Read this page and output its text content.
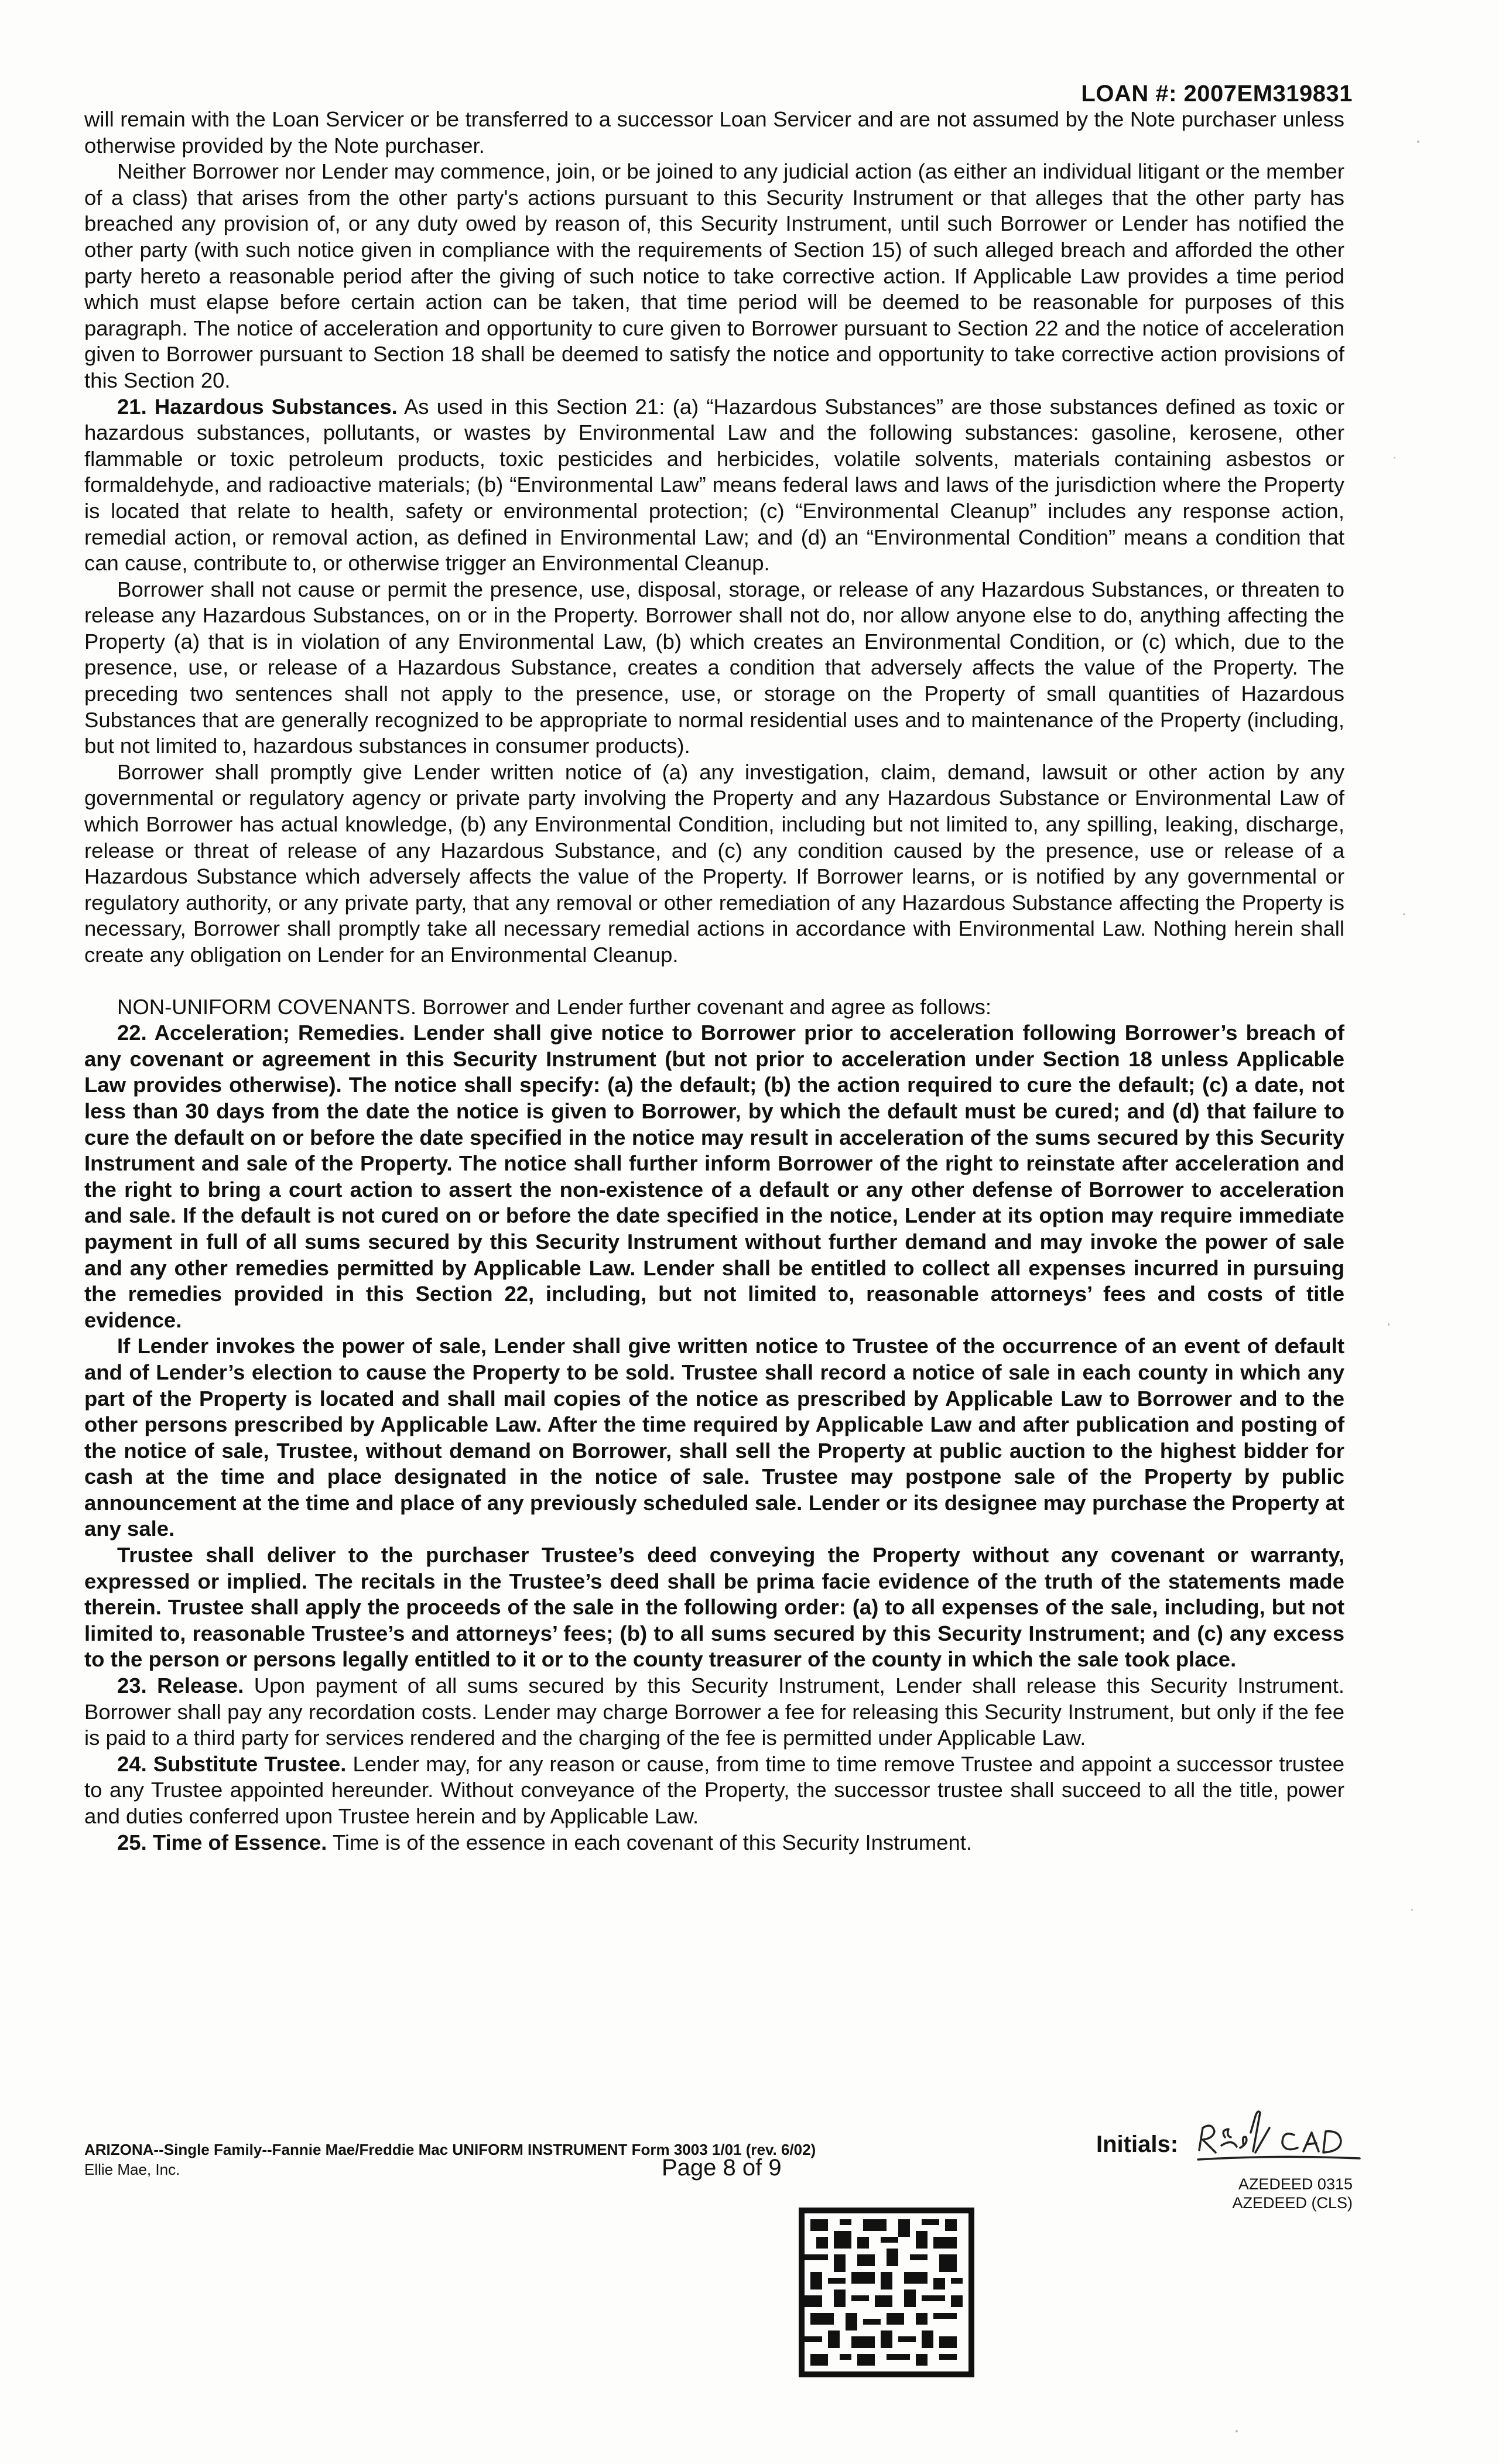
LOAN #: 2007EM319831

will remain with the Loan Servicer or be transferred to a successor Loan Servicer and are not assumed by the Note purchaser unless otherwise provided by the Note purchaser.

Neither Borrower nor Lender may commence, join, or be joined to any judicial action (as either an individual litigant or the member of a class) that arises from the other party's actions pursuant to this Security Instrument or that alleges that the other party has breached any provision of, or any duty owed by reason of, this Security Instrument, until such Borrower or Lender has notified the other party (with such notice given in compliance with the requirements of Section 15) of such alleged breach and afforded the other party hereto a reasonable period after the giving of such notice to take corrective action. If Applicable Law provides a time period which must elapse before certain action can be taken, that time period will be deemed to be reasonable for purposes of this paragraph. The notice of acceleration and opportunity to cure given to Borrower pursuant to Section 22 and the notice of acceleration given to Borrower pursuant to Section 18 shall be deemed to satisfy the notice and opportunity to take corrective action provisions of this Section 20.

21. Hazardous Substances. As used in this Section 21: (a) “Hazardous Substances” are those substances defined as toxic or hazardous substances, pollutants, or wastes by Environmental Law and the following substances: gasoline, kerosene, other flammable or toxic petroleum products, toxic pesticides and herbicides, volatile solvents, materials containing asbestos or formaldehyde, and radioactive materials; (b) “Environmental Law” means federal laws and laws of the jurisdiction where the Property is located that relate to health, safety or environmental protection; (c) “Environmental Cleanup” includes any response action, remedial action, or removal action, as defined in Environmental Law; and (d) an “Environmental Condition” means a condition that can cause, contribute to, or otherwise trigger an Environmental Cleanup.

Borrower shall not cause or permit the presence, use, disposal, storage, or release of any Hazardous Substances, or threaten to release any Hazardous Substances, on or in the Property. Borrower shall not do, nor allow anyone else to do, anything affecting the Property (a) that is in violation of any Environmental Law, (b) which creates an Environmental Condition, or (c) which, due to the presence, use, or release of a Hazardous Substance, creates a condition that adversely affects the value of the Property. The preceding two sentences shall not apply to the presence, use, or storage on the Property of small quantities of Hazardous Substances that are generally recognized to be appropriate to normal residential uses and to maintenance of the Property (including, but not limited to, hazardous substances in consumer products).

Borrower shall promptly give Lender written notice of (a) any investigation, claim, demand, lawsuit or other action by any governmental or regulatory agency or private party involving the Property and any Hazardous Substance or Environmental Law of which Borrower has actual knowledge, (b) any Environmental Condition, including but not limited to, any spilling, leaking, discharge, release or threat of release of any Hazardous Substance, and (c) any condition caused by the presence, use or release of a Hazardous Substance which adversely affects the value of the Property. If Borrower learns, or is notified by any governmental or regulatory authority, or any private party, that any removal or other remediation of any Hazardous Substance affecting the Property is necessary, Borrower shall promptly take all necessary remedial actions in accordance with Environmental Law. Nothing herein shall create any obligation on Lender for an Environmental Cleanup.

NON-UNIFORM COVENANTS. Borrower and Lender further covenant and agree as follows:

22. Acceleration; Remedies. Lender shall give notice to Borrower prior to acceleration following Borrower’s breach of any covenant or agreement in this Security Instrument (but not prior to acceleration under Section 18 unless Applicable Law provides otherwise). The notice shall specify: (a) the default; (b) the action required to cure the default; (c) a date, not less than 30 days from the date the notice is given to Borrower, by which the default must be cured; and (d) that failure to cure the default on or before the date specified in the notice may result in acceleration of the sums secured by this Security Instrument and sale of the Property. The notice shall further inform Borrower of the right to reinstate after acceleration and the right to bring a court action to assert the non-existence of a default or any other defense of Borrower to acceleration and sale. If the default is not cured on or before the date specified in the notice, Lender at its option may require immediate payment in full of all sums secured by this Security Instrument without further demand and may invoke the power of sale and any other remedies permitted by Applicable Law. Lender shall be entitled to collect all expenses incurred in pursuing the remedies provided in this Section 22, including, but not limited to, reasonable attorneys’ fees and costs of title evidence.

If Lender invokes the power of sale, Lender shall give written notice to Trustee of the occurrence of an event of default and of Lender’s election to cause the Property to be sold. Trustee shall record a notice of sale in each county in which any part of the Property is located and shall mail copies of the notice as prescribed by Applicable Law to Borrower and to the other persons prescribed by Applicable Law. After the time required by Applicable Law and after publication and posting of the notice of sale, Trustee, without demand on Borrower, shall sell the Property at public auction to the highest bidder for cash at the time and place designated in the notice of sale. Trustee may postpone sale of the Property by public announcement at the time and place of any previously scheduled sale. Lender or its designee may purchase the Property at any sale.

Trustee shall deliver to the purchaser Trustee’s deed conveying the Property without any covenant or warranty, expressed or implied. The recitals in the Trustee’s deed shall be prima facie evidence of the truth of the statements made therein. Trustee shall apply the proceeds of the sale in the following order: (a) to all expenses of the sale, including, but not limited to, reasonable Trustee’s and attorneys’ fees; (b) to all sums secured by this Security Instrument; and (c) any excess to the person or persons legally entitled to it or to the county treasurer of the county in which the sale took place.

23. Release. Upon payment of all sums secured by this Security Instrument, Lender shall release this Security Instrument. Borrower shall pay any recordation costs. Lender may charge Borrower a fee for releasing this Security Instrument, but only if the fee is paid to a third party for services rendered and the charging of the fee is permitted under Applicable Law.

24. Substitute Trustee. Lender may, for any reason or cause, from time to time remove Trustee and appoint a successor trustee to any Trustee appointed hereunder. Without conveyance of the Property, the successor trustee shall succeed to all the title, power and duties conferred upon Trustee herein and by Applicable Law.

25. Time of Essence. Time is of the essence in each covenant of this Security Instrument.

ARIZONA--Single Family--Fannie Mae/Freddie Mac UNIFORM INSTRUMENT Form 3003 1/01 (rev. 6/02)
Ellie Mae, Inc.	Page 8 of 9
Initials:
AZEDEED 0315
AZEDEED (CLS)
